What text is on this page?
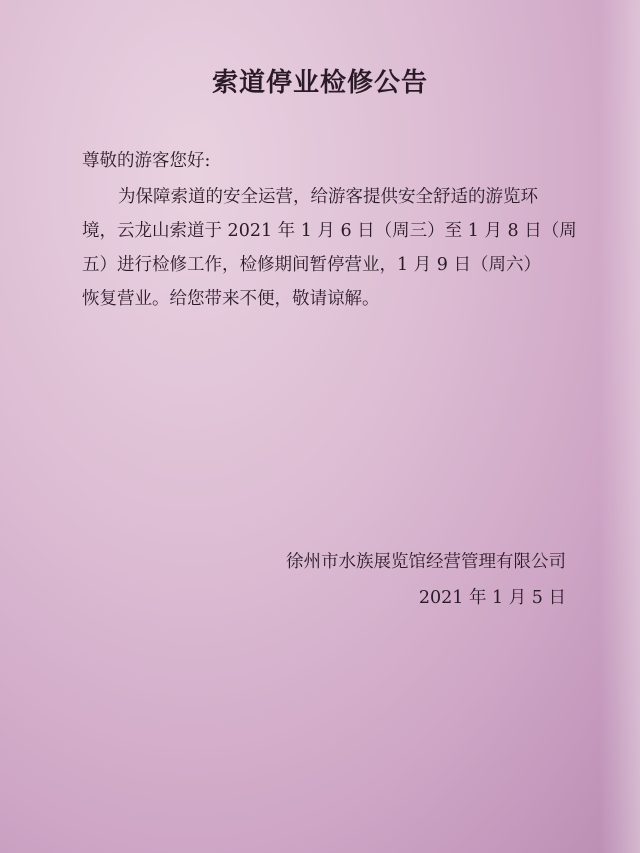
索道停业检修公告
尊敬的游客您好:
为保障索道的安全运营，给游客提供安全舒适的游览环
境，云龙山索道于 2021 年 1 月 6 日（周三）至 1 月 8 日（周
五）进行检修工作，检修期间暂停营业，1 月 9 日（周六）
恢复营业。给您带来不便，敬请谅解。
徐州市水族展览馆经营管理有限公司
2021 年 1 月 5 日
